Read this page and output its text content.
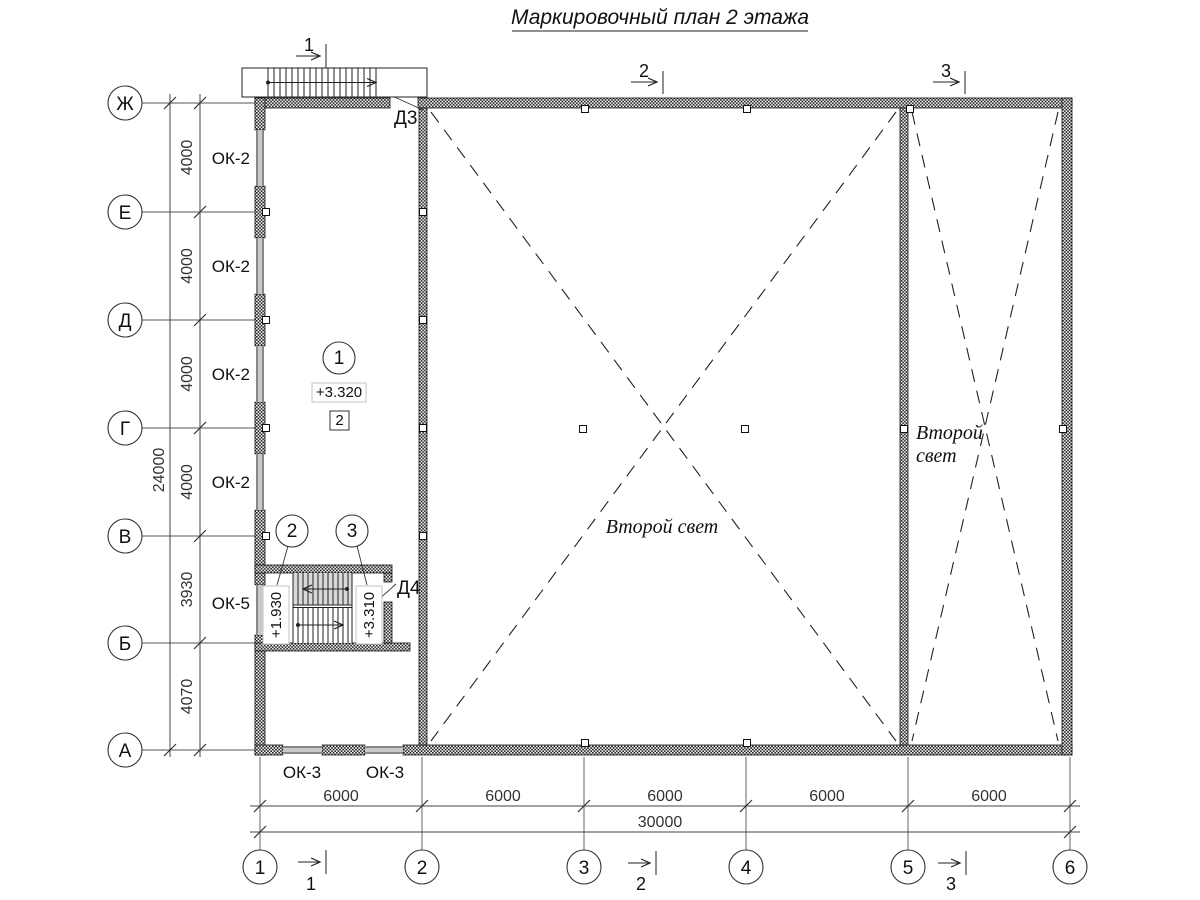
Маркировочный план 2 этажа
4000
4000
4000
4000
3930
4070
24000
6000	6000	6000	6000	6000
30000
Д3
Д4
Второй свет
Второй
свет
ОК-2
ОК-2
ОК-2
ОК-2
ОК-5
ОК-3	ОК-3
1
+3.320
2
2	3
+1.930	+3.310
1
2	3
1	2	3
Ж
Е
Д
Г
В
Б
А
1	2	3	4	5	6
